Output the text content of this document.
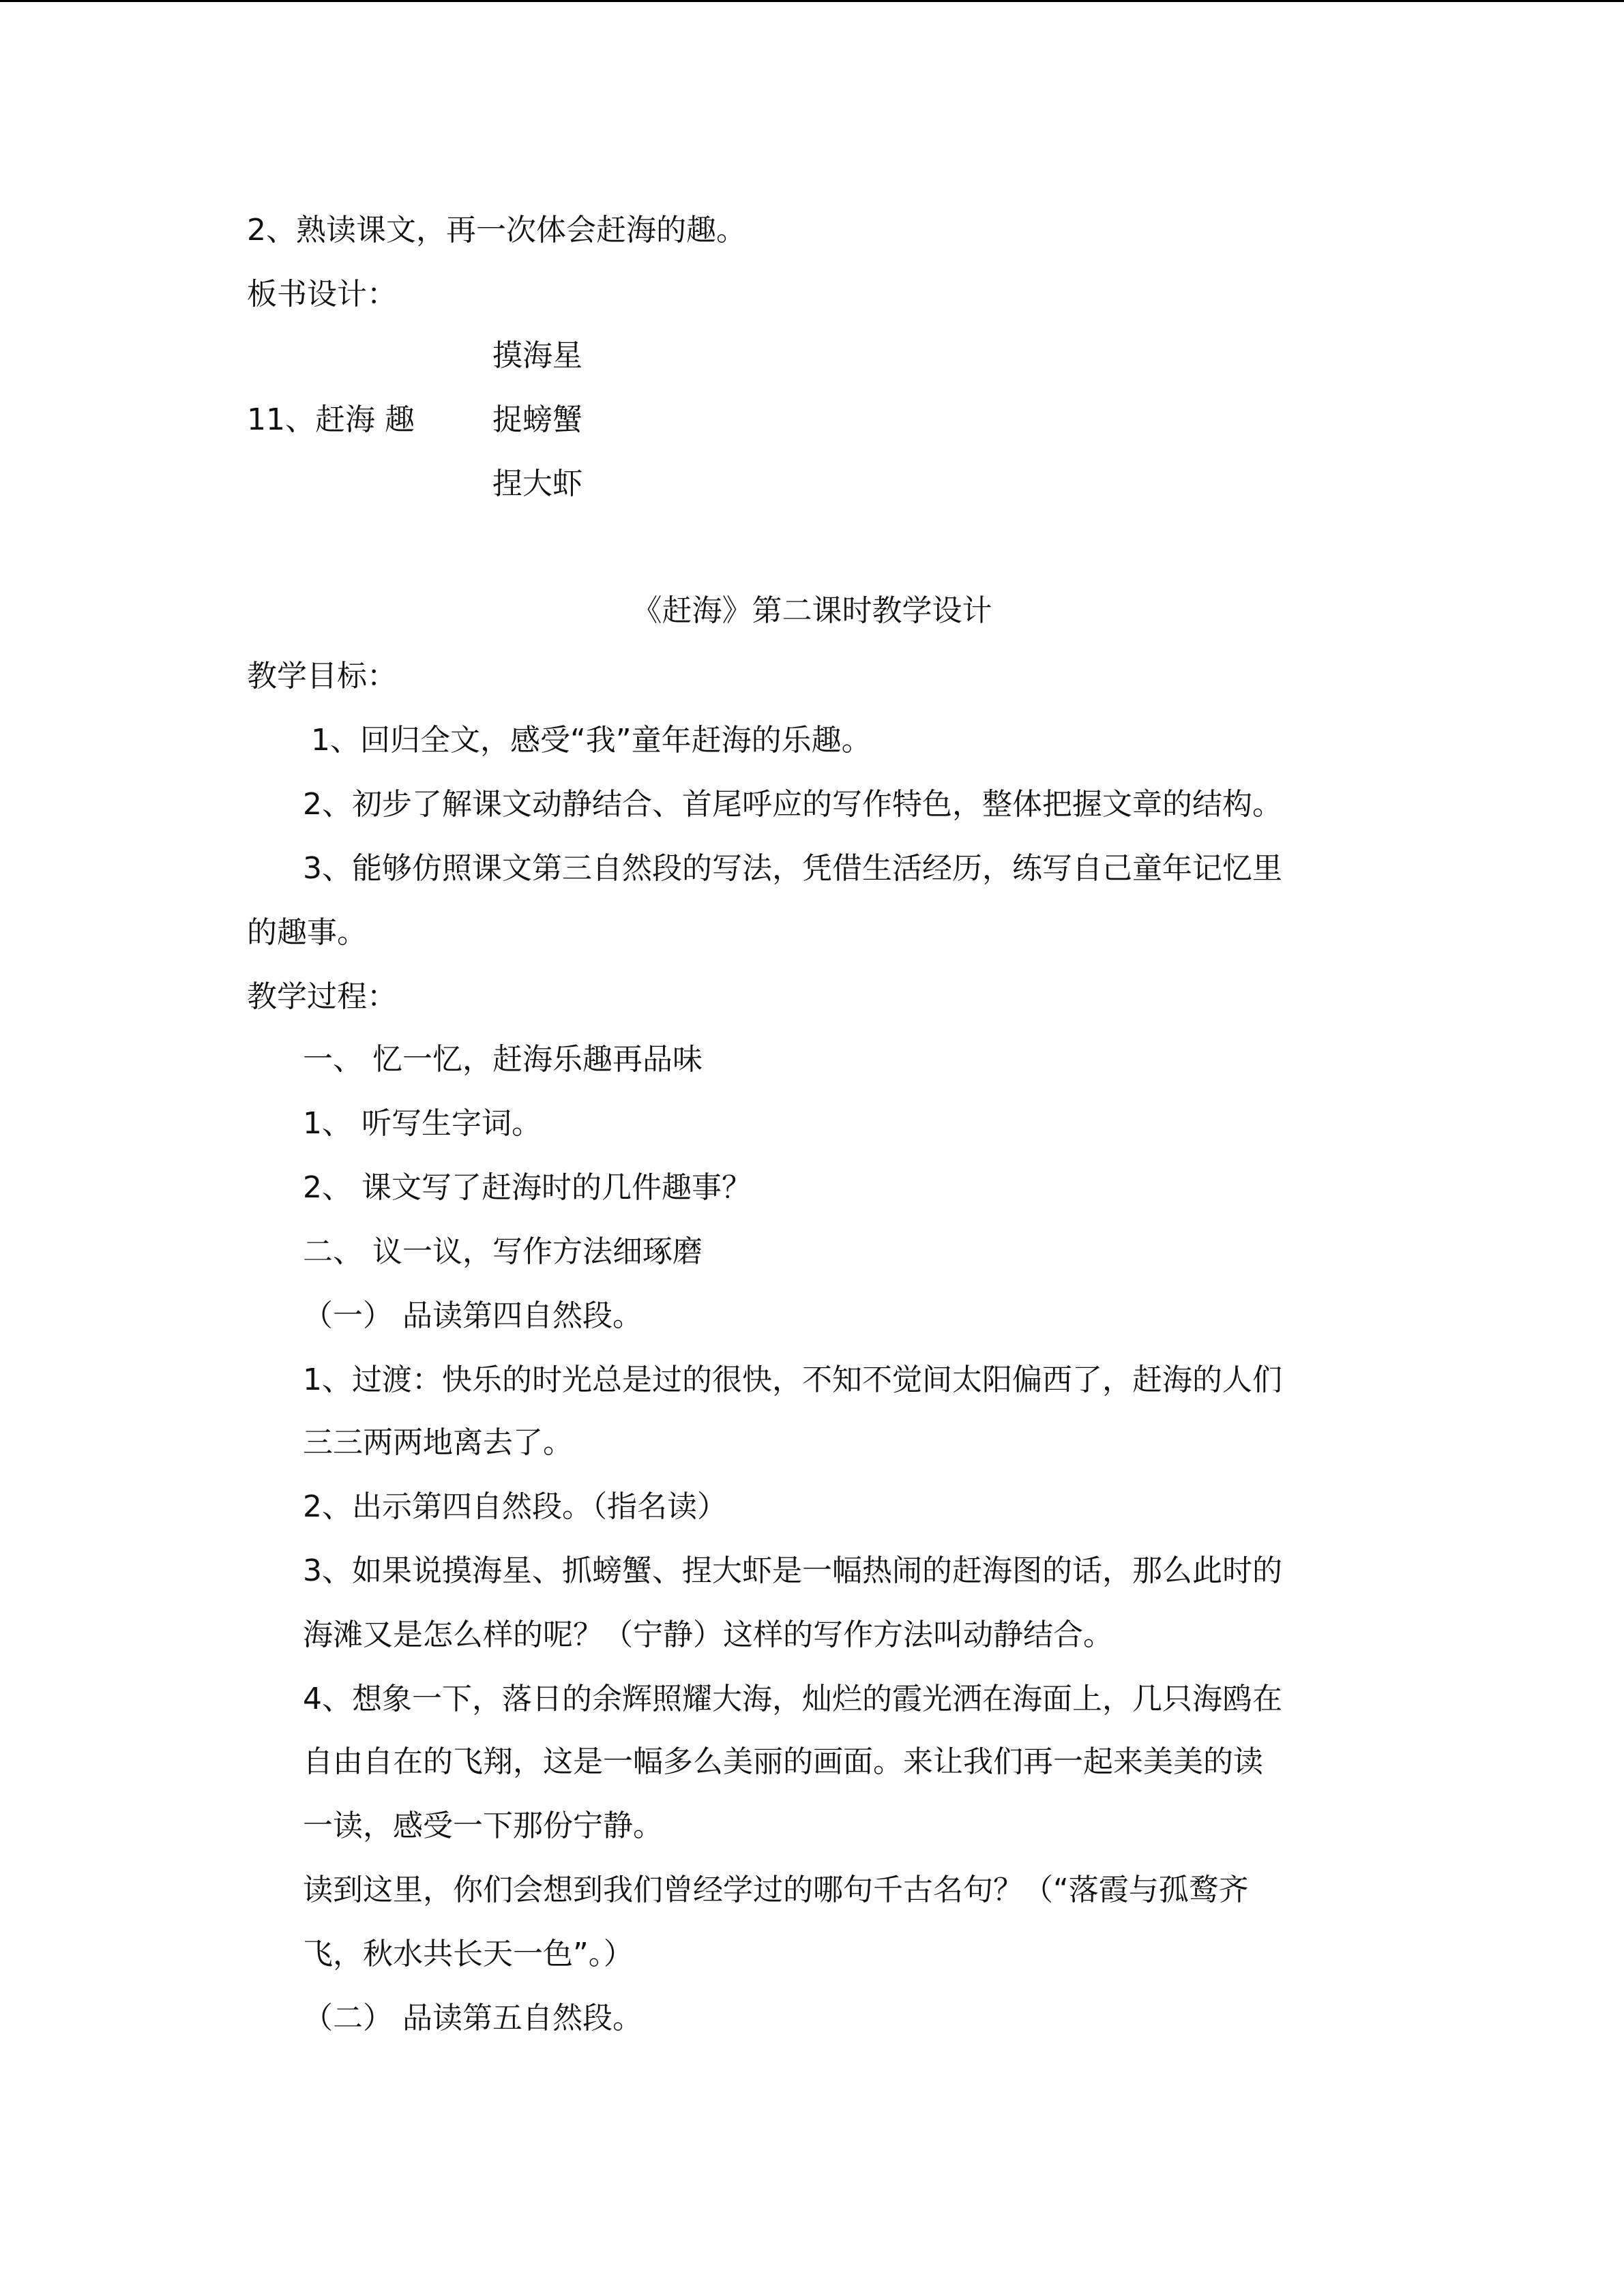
2、熟读课文，再一次体会赶海的趣。
板书设计：
摸海星
11、赶海 趣	捉螃蟹
捏大虾
《赶海》第二课时教学设计
教学目标：
1、回归全文，感受“我”童年赶海的乐趣。
2、初步了解课文动静结合、首尾呼应的写作特色，整体把握文章的结构。
3、能够仿照课文第三自然段的写法，凭借生活经历，练写自己童年记忆里
的趣事。
教学过程：
一、 忆一忆，赶海乐趣再品味
1、 听写生字词。
2、 课文写了赶海时的几件趣事？
二、 议一议，写作方法细琢磨
（一） 品读第四自然段。
1、过渡：快乐的时光总是过的很快，不知不觉间太阳偏西了，赶海的人们
三三两两地离去了。
2、出示第四自然段。（指名读）
3、如果说摸海星、抓螃蟹、捏大虾是一幅热闹的赶海图的话，那么此时的
海滩又是怎么样的呢？（宁静）这样的写作方法叫动静结合。
4、想象一下，落日的余辉照耀大海，灿烂的霞光洒在海面上，几只海鸥在
自由自在的飞翔，这是一幅多么美丽的画面。来让我们再一起来美美的读
一读，感受一下那份宁静。
读到这里，你们会想到我们曾经学过的哪句千古名句？（“落霞与孤鹜齐
飞，秋水共长天一色”。）
（二） 品读第五自然段。
